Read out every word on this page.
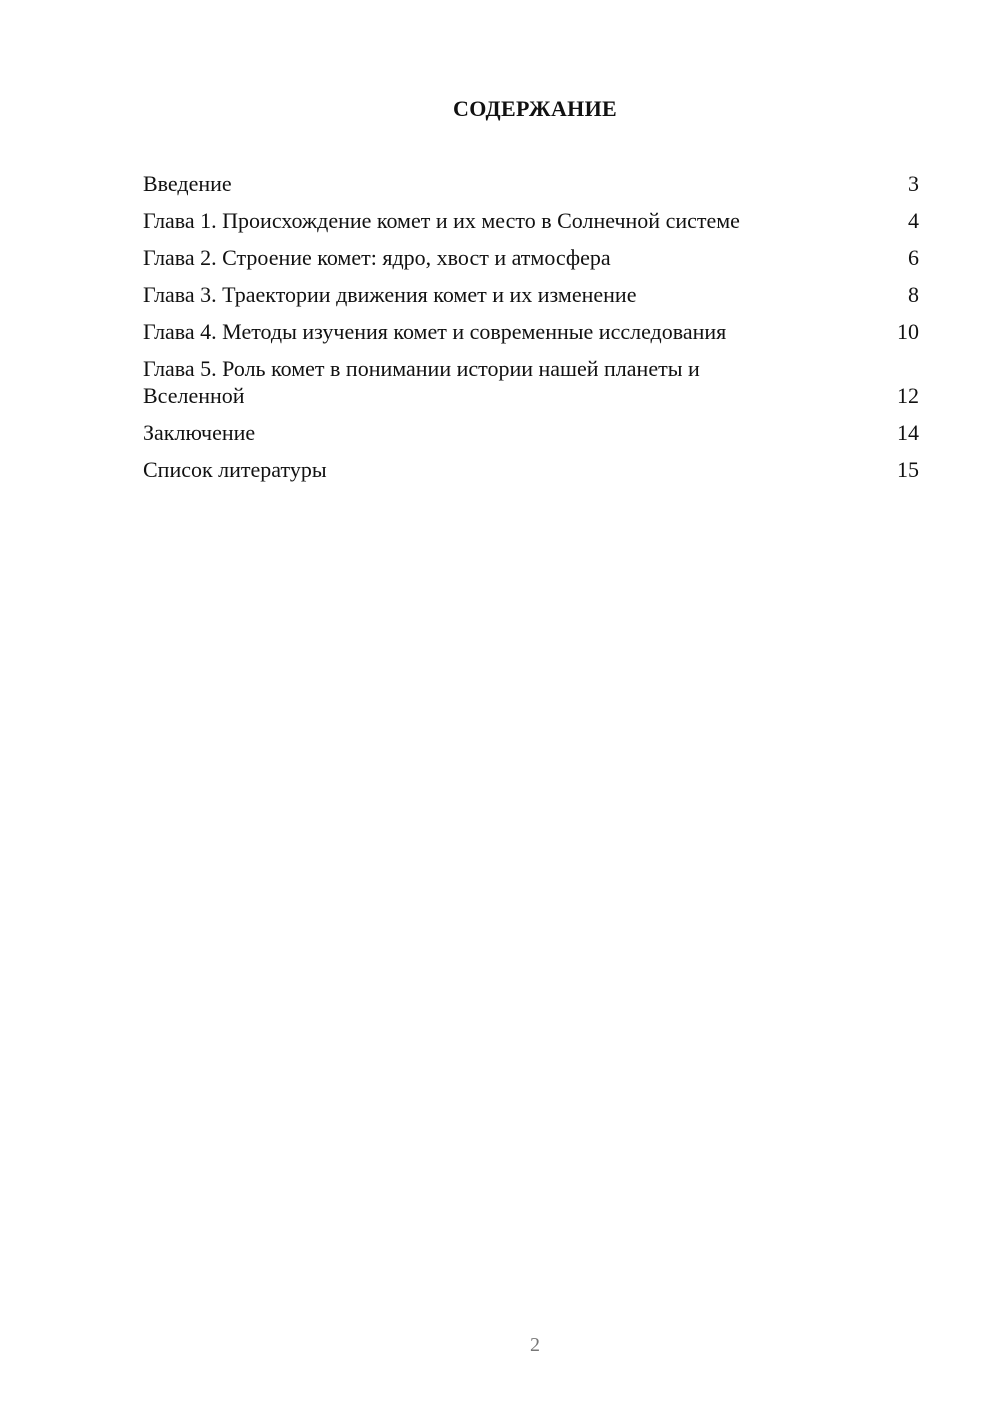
СОДЕРЖАНИЕ
Введение	3
Глава 1. Происхождение комет и их место в Солнечной системе	4
Глава 2. Строение комет: ядро, хвост и атмосфера	6
Глава 3. Траектории движения комет и их изменение	8
Глава 4. Методы изучения комет и современные исследования	10
Глава 5. Роль комет в понимании истории нашей планеты и Вселенной	12
Заключение	14
Список литературы	15
2
